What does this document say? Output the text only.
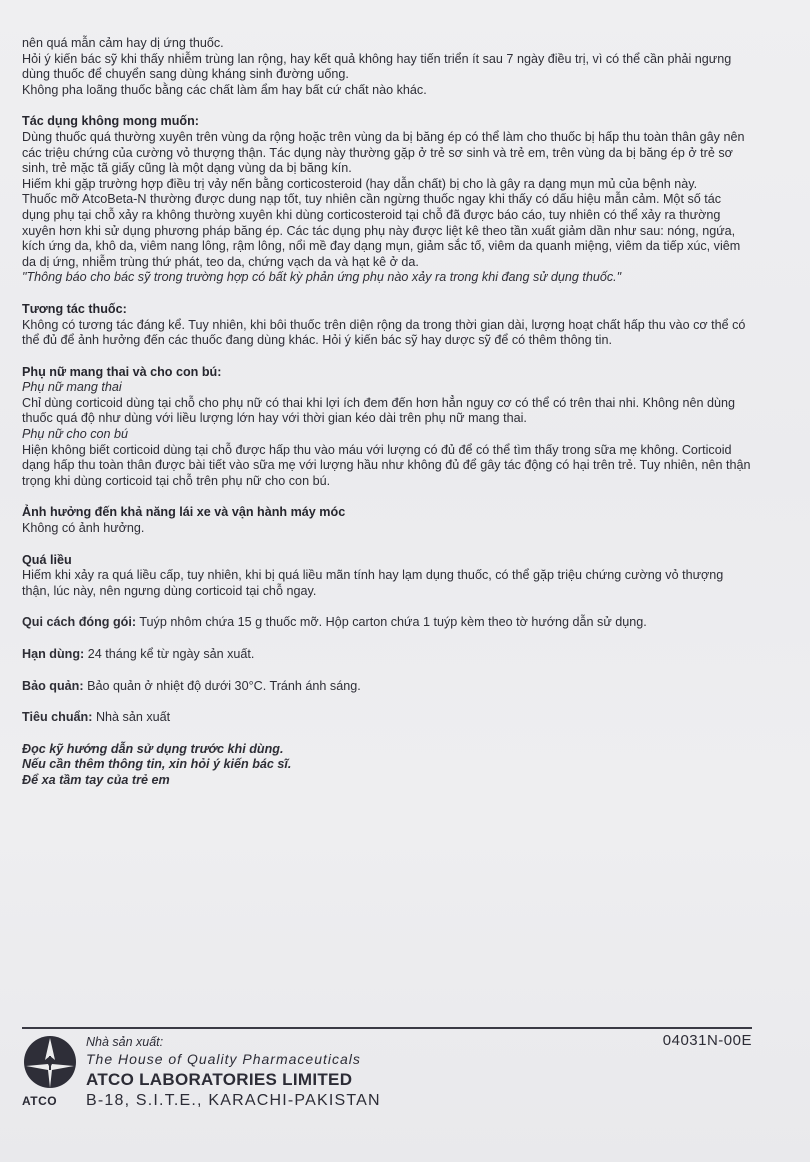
nên quá mẫn cảm hay dị ứng thuốc.

Hỏi ý kiến bác sỹ khi thấy nhiễm trùng lan rộng, hay kết quả không hay tiến triển ít sau 7 ngày điều trị, vì có thể cần phải ngưng dùng thuốc để chuyển sang dùng kháng sinh đường uống.

Không pha loãng thuốc bằng các chất làm ẩm hay bất cứ chất nào khác.

Tác dụng không mong muốn:

Dùng thuốc quá thường xuyên trên vùng da rộng hoặc trên vùng da bị băng ép có thể làm cho thuốc bị hấp thu toàn thân gây nên các triệu chứng của cường vỏ thượng thận. Tác dụng này thường gặp ở trẻ sơ sinh và trẻ em, trên vùng da bị băng ép ở trẻ sơ sinh, trẻ mặc tã giấy cũng là một dạng vùng da bị băng kín.

Hiếm khi gặp trường hợp điều trị vảy nến bằng corticosteroid (hay dẫn chất) bị cho là gây ra dạng mụn mủ của bệnh này.

Thuốc mỡ AtcoBeta-N thường được dung nạp tốt, tuy nhiên cần ngừng thuốc ngay khi thấy có dấu hiệu mẫn cảm. Một số tác dụng phụ tại chỗ xảy ra không thường xuyên khi dùng corticosteroid tại chỗ đã được báo cáo, tuy nhiên có thể xảy ra thường xuyên hơn khi sử dụng phương pháp băng ép. Các tác dụng phụ này được liệt kê theo tần xuất giảm dần như sau: nóng, ngứa, kích ứng da, khô da, viêm nang lông, rậm lông, nổi mề đay dạng mụn, giảm sắc tố, viêm da quanh miệng, viêm da tiếp xúc, viêm da dị ứng, nhiễm trùng thứ phát, teo da, chứng vạch da và hạt kê ở da.

"Thông báo cho bác sỹ trong trường hợp có bất kỳ phản ứng phụ nào xảy ra trong khi đang sử dụng thuốc."

Tương tác thuốc:

Không có tương tác đáng kể. Tuy nhiên, khi bôi thuốc trên diện rộng da trong thời gian dài, lượng hoạt chất hấp thu vào cơ thể có thể đủ để ảnh hưởng đến các thuốc đang dùng khác. Hỏi ý kiến bác sỹ hay dược sỹ để có thêm thông tin.

Phụ nữ mang thai và cho con bú:

Phụ nữ mang thai

Chỉ dùng corticoid dùng tại chỗ cho phụ nữ có thai khi lợi ích đem đến hơn hẳn nguy cơ có thể có trên thai nhi. Không nên dùng thuốc quá độ như dùng với liều lượng lớn hay với thời gian kéo dài trên phụ nữ mang thai.

Phụ nữ cho con bú

Hiện không biết corticoid dùng tại chỗ được hấp thu vào máu với lượng có đủ để có thể tìm thấy trong sữa mẹ không. Corticoid dạng hấp thu toàn thân được bài tiết vào sữa mẹ với lượng hầu như không đủ để gây tác động có hại trên trẻ. Tuy nhiên, nên thận trọng khi dùng corticoid tại chỗ trên phụ nữ cho con bú.

Ảnh hưởng đến khả năng lái xe và vận hành máy móc

Không có ảnh hưởng.

Quá liều

Hiếm khi xảy ra quá liều cấp, tuy nhiên, khi bị quá liều mãn tính hay lạm dụng thuốc, có thể gặp triệu chứng cường vỏ thượng thận, lúc này, nên ngưng dùng corticoid tại chỗ ngay.

Qui cách đóng gói: Tuýp nhôm chứa 15 g thuốc mỡ. Hộp carton chứa 1 tuýp kèm theo tờ hướng dẫn sử dụng.

Hạn dùng: 24 tháng kể từ ngày sản xuất.

Bảo quản: Bảo quản ở nhiệt độ dưới 30°C. Tránh ánh sáng.

Tiêu chuẩn: Nhà sản xuất

Đọc kỹ hướng dẫn sử dụng trước khi dùng.

Nếu cần thêm thông tin, xin hỏi ý kiến bác sĩ.

Để xa tầm tay của trẻ em

ATCO
Nhà sản xuất:
The House of Quality Pharmaceuticals
ATCO LABORATORIES LIMITED
B-18, S.I.T.E., KARACHI-PAKISTAN
04031N-00E
